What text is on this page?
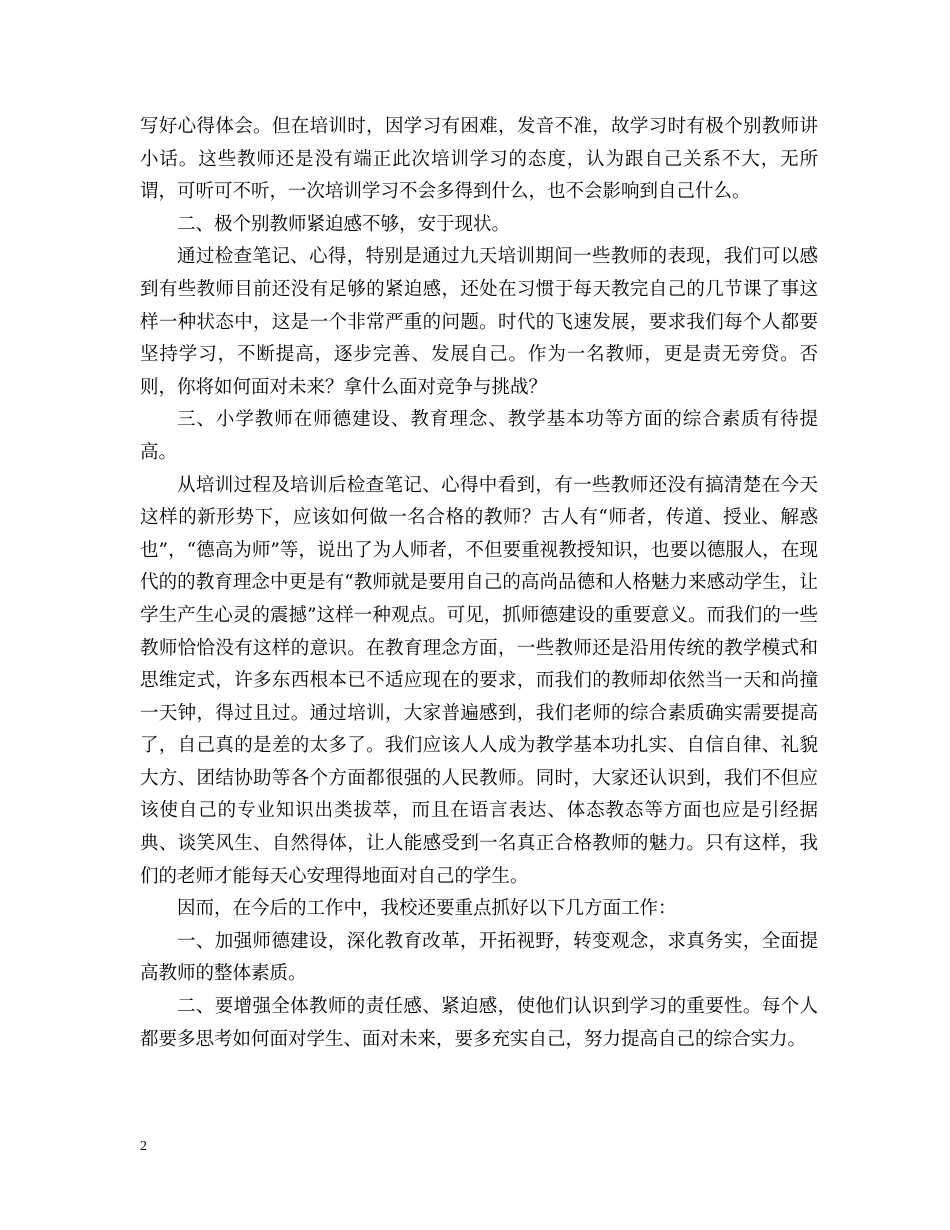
写好心得体会。但在培训时，因学习有困难，发音不准，故学习时有极个别教师讲小话。这些教师还是没有端正此次培训学习的态度，认为跟自己关系不大，无所谓，可听可不听，一次培训学习不会多得到什么，也不会影响到自己什么。

二、极个别教师紧迫感不够，安于现状。

通过检查笔记、心得，特别是通过九天培训期间一些教师的表现，我们可以感到有些教师目前还没有足够的紧迫感，还处在习惯于每天教完自己的几节课了事这样一种状态中，这是一个非常严重的问题。时代的飞速发展，要求我们每个人都要坚持学习，不断提高，逐步完善、发展自己。作为一名教师，更是责无旁贷。否则，你将如何面对未来？拿什么面对竞争与挑战？

三、小学教师在师德建设、教育理念、教学基本功等方面的综合素质有待提高。

从培训过程及培训后检查笔记、心得中看到，有一些教师还没有搞清楚在今天这样的新形势下，应该如何做一名合格的教师？古人有“师者，传道、授业、解惑也”，“德高为师”等，说出了为人师者，不但要重视教授知识，也要以德服人，在现代的的教育理念中更是有“教师就是要用自己的高尚品德和人格魅力来感动学生，让学生产生心灵的震撼”这样一种观点。可见，抓师德建设的重要意义。而我们的一些教师恰恰没有这样的意识。在教育理念方面，一些教师还是沿用传统的教学模式和思维定式，许多东西根本已不适应现在的要求，而我们的教师却依然当一天和尚撞一天钟，得过且过。通过培训，大家普遍感到，我们老师的综合素质确实需要提高了，自己真的是差的太多了。我们应该人人成为教学基本功扎实、自信自律、礼貌大方、团结协助等各个方面都很强的人民教师。同时，大家还认识到，我们不但应该使自己的专业知识出类拔萃，而且在语言表达、体态教态等方面也应是引经据典、谈笑风生、自然得体，让人能感受到一名真正合格教师的魅力。只有这样，我们的老师才能每天心安理得地面对自己的学生。

因而，在今后的工作中，我校还要重点抓好以下几方面工作：

一、加强师德建设，深化教育改革，开拓视野，转变观念，求真务实，全面提高教师的整体素质。

二、要增强全体教师的责任感、紧迫感，使他们认识到学习的重要性。每个人都要多思考如何面对学生、面对未来，要多充实自己，努力提高自己的综合实力。

2
